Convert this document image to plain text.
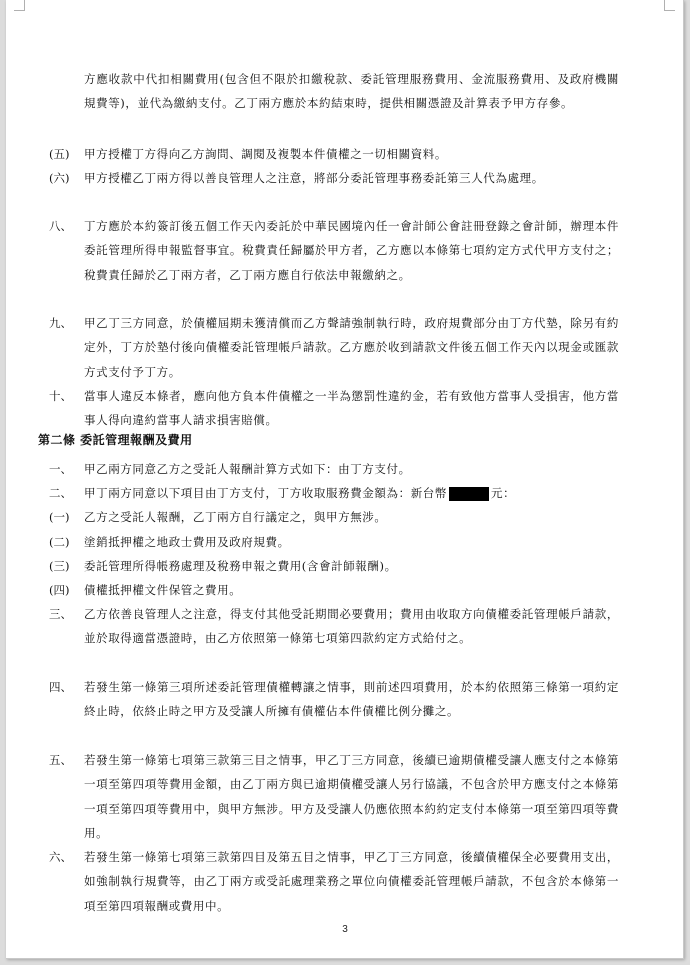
方應收款中代扣相關費用(包含但不限於扣繳稅款、委託管理服務費用、金流服務費用、及政府機關規費等)，並代為繳納支付。乙丁兩方應於本約結束時，提供相關憑證及計算表予甲方存參。
(五) 甲方授權丁方得向乙方詢問、調閱及複製本件債權之一切相關資料。
(六) 甲方授權乙丁兩方得以善良管理人之注意，將部分委託管理事務委託第三人代為處理。
八、 丁方應於本約簽訂後五個工作天內委託於中華民國境內任一會計師公會註冊登錄之會計師，辦理本件委託管理所得申報監督事宜。稅費責任歸屬於甲方者，乙方應以本條第七項約定方式代甲方支付之；稅費責任歸於乙丁兩方者，乙丁兩方應自行依法申報繳納之。
九、 甲乙丁三方同意，於債權屆期未獲清償而乙方聲請強制執行時，政府規費部分由丁方代墊，除另有約定外，丁方於墊付後向債權委託管理帳戶請款。乙方應於收到請款文件後五個工作天內以現金或匯款方式支付予丁方。
十、 當事人違反本條者，應向他方負本件債權之一半為懲罰性違約金，若有致他方當事人受損害，他方當事人得向違約當事人請求損害賠償。
第二條 委託管理報酬及費用
一、 甲乙兩方同意乙方之受託人報酬計算方式如下：由丁方支付。
二、 甲丁兩方同意以下項目由丁方支付，丁方收取服務費金額為：新台幣	元：
(一) 乙方之受託人報酬，乙丁兩方自行議定之，與甲方無涉。
(二) 塗銷抵押權之地政士費用及政府規費。
(三) 委託管理所得帳務處理及稅務申報之費用(含會計師報酬)。
(四) 債權抵押權文件保管之費用。
三、 乙方依善良管理人之注意，得支付其他受託期間必要費用；費用由收取方向債權委託管理帳戶請款，並於取得適當憑證時，由乙方依照第一條第七項第四款約定方式給付之。
四、 若發生第一條第三項所述委託管理債權轉讓之情事，則前述四項費用，於本約依照第三條第一項約定終止時，依終止時之甲方及受讓人所擁有債權佔本件債權比例分攤之。
五、 若發生第一條第七項第三款第三目之情事，甲乙丁三方同意，後續已逾期債權受讓人應支付之本條第一項至第四項等費用金額，由乙丁兩方與已逾期債權受讓人另行協議，不包含於甲方應支付之本條第一項至第四項等費用中，與甲方無涉。甲方及受讓人仍應依照本約約定支付本條第一項至第四項等費用。
六、 若發生第一條第七項第三款第四目及第五目之情事，甲乙丁三方同意，後續債權保全必要費用支出，如強制執行規費等，由乙丁兩方或受託處理業務之單位向債權委託管理帳戶請款，不包含於本條第一項至第四項報酬或費用中。
3
